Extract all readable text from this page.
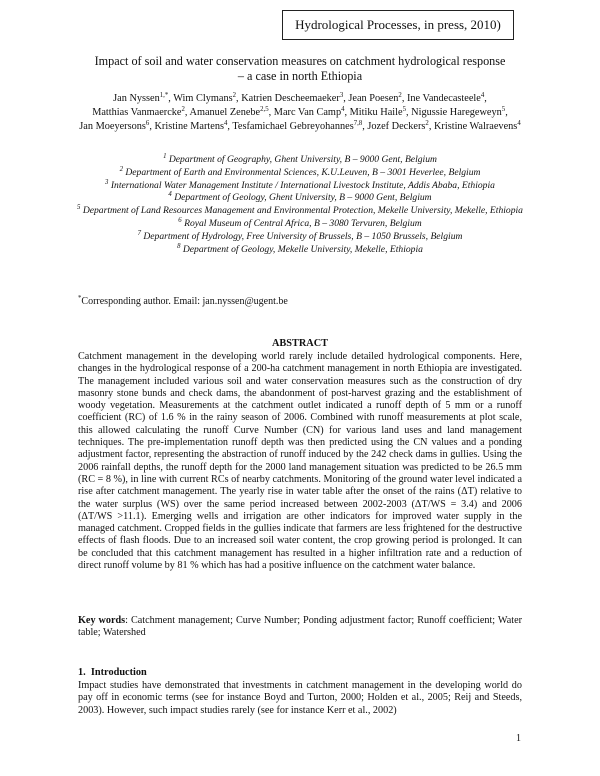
Hydrological Processes, in press, 2010)
Impact of soil and water conservation measures on catchment hydrological response
– a case in north Ethiopia
Jan Nyssen$^{1,*}$, Wim Clymans$^2$, Katrien Descheemaeker$^3$, Jean Poesen$^2$, Ine Vandecasteele$^4$, Matthias Vanmaercke$^2$, Amanuel Zenebe$^{2,5}$, Marc Van Camp$^4$, Mitiku Haile$^5$, Nigussie Haregeweyn$^5$, Jan Moeyersons$^6$, Kristine Martens$^4$, Tesfamichael Gebreyohannes$^{7,8}$, Jozef Deckers$^2$, Kristine Walraevens$^4$
$^1$ Department of Geography, Ghent University, B – 9000 Gent, Belgium
$^2$ Department of Earth and Environmental Sciences, K.U.Leuven, B – 3001 Heverlee, Belgium
$^3$ International Water Management Institute / International Livestock Institute, Addis Ababa, Ethiopia
$^4$ Department of Geology, Ghent University, B – 9000 Gent, Belgium
$^5$ Department of Land Resources Management and Environmental Protection, Mekelle University, Mekelle, Ethiopia
$^6$ Royal Museum of Central Africa, B – 3080 Tervuren, Belgium
$^7$ Department of Hydrology, Free University of Brussels, B – 1050 Brussels, Belgium
$^8$ Department of Geology, Mekelle University, Mekelle, Ethiopia
*Corresponding author. Email: jan.nyssen@ugent.be
ABSTRACT
Catchment management in the developing world rarely include detailed hydrological components. Here, changes in the hydrological response of a 200-ha catchment management in north Ethiopia are investigated. The management included various soil and water conservation measures such as the construction of dry masonry stone bunds and check dams, the abandonment of post-harvest grazing and the establishment of woody vegetation. Measurements at the catchment outlet indicated a runoff depth of 5 mm or a runoff coefficient (RC) of 1.6 % in the rainy season of 2006. Combined with runoff measurements at plot scale, this allowed calculating the runoff Curve Number (CN) for various land uses and land management techniques. The pre-implementation runoff depth was then predicted using the CN values and a ponding adjustment factor, representing the abstraction of runoff induced by the 242 check dams in gullies. Using the 2006 rainfall depths, the runoff depth for the 2000 land management situation was predicted to be 26.5 mm (RC = 8 %), in line with current RCs of nearby catchments. Monitoring of the ground water level indicated a rise after catchment management. The yearly rise in water table after the onset of the rains (ΔT) relative to the water surplus (WS) over the same period increased between 2002-2003 (ΔT/WS = 3.4) and 2006 (ΔT/WS >11.1). Emerging wells and irrigation are other indicators for improved water supply in the managed catchment. Cropped fields in the gullies indicate that farmers are less frightened for the destructive effects of flash floods. Due to an increased soil water content, the crop growing period is prolonged. It can be concluded that this catchment management has resulted in a higher infiltration rate and a reduction of direct runoff volume by 81 % which has had a positive influence on the catchment water balance.
Key words: Catchment management; Curve Number; Ponding adjustment factor; Runoff coefficient; Water table; Watershed
1. Introduction
Impact studies have demonstrated that investments in catchment management in the developing world do pay off in economic terms (see for instance Boyd and Turton, 2000; Holden et al., 2005; Reij and Steeds, 2003). However, such impact studies rarely (see for instance Kerr et al., 2002)
1
